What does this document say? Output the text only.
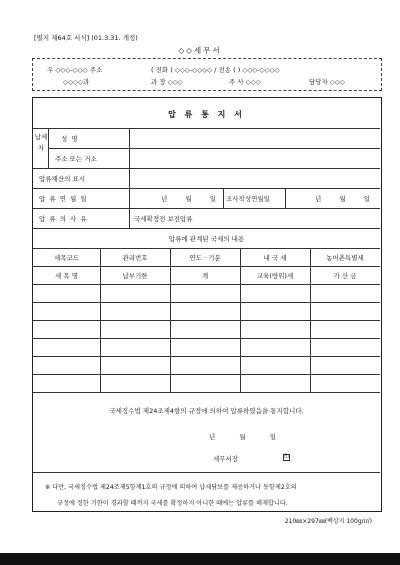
[별지 제64호 서식] (01.3.31. 개정)
◇◇세무서
우 ◇◇◇-◇◇◇ 주소	( 전화 ) ◇◇◇-◇◇◇◇ / 전송 ( ) ◇◇◇-◇◇◇◇
◇◇◇◇과	과 장 ◇◇◇	주 사 ◇◇◇	담당자 ◇◇◇
압 류 통 지 서
납세자
성 명
주소 또는 거소
압류재산의 표시
압 류 연 월 일	년 월 일 조사작성연월일	년 월 일
압 류 의 사 유	국세확정전 보전압류
압류에 관계된 국세의 내용
세목코드	관리번호	연도 · 기분	내 국 세	농어촌특별세
세 목 명	납부기한	계	교육(방위)세	가 산 금
국세징수법 제24조제4항의 규정에 의하여 압류하였음을 통지합니다.
년 월 일
세무서장	印
※ 다만, 국세징수법 제24조제5항제1호의 규정에 의하여 납세담보를 제공하거나 동항제2호의
규정에 정한 기한이 경과할 때까지 국세를 확정하지 아니한 때에는 압류를 해제합니다.
210㎜×297㎜(백상지 100g/㎡)
